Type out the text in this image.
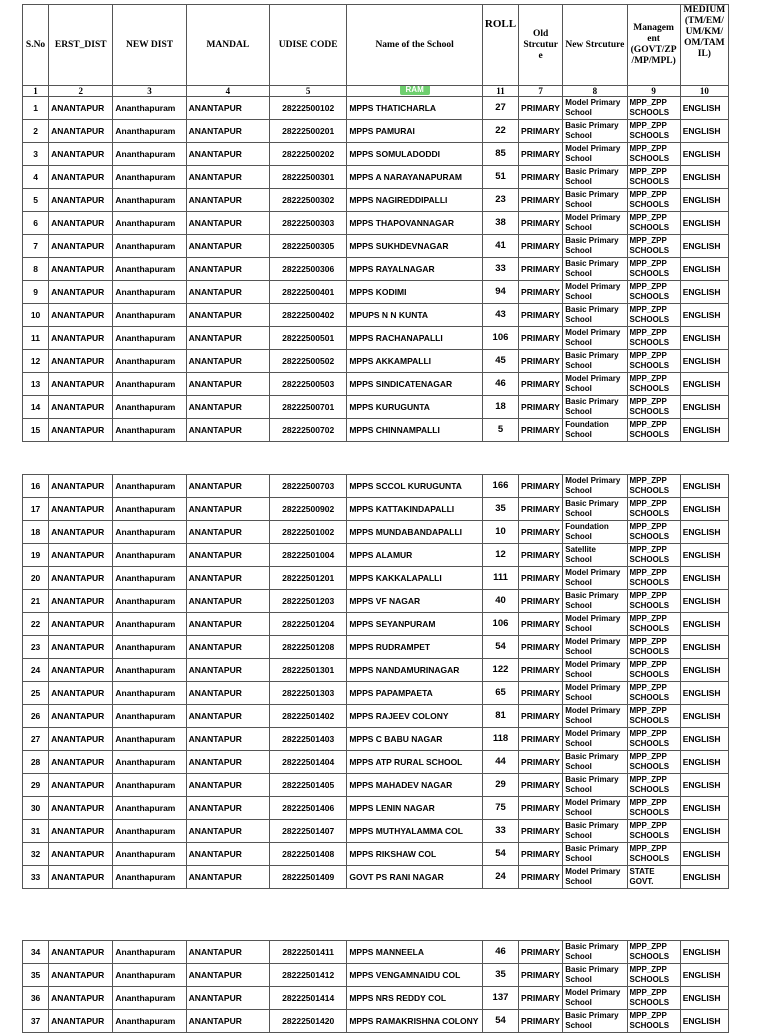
S.No	ERST_DIST	NEW DIST	MANDAL	UDISE CODE	Name of the School	ROLL	Old Strcutur e	New Strcuture	Managem ent (GOVT/ZP /MP/MPL)	MEDIUM (TM/EM/ UM/KM/ OM/TAM IL)
1	2	3	4	5	RAM	11	7	8	9	10
1	ANANTAPUR	Ananthapuram	ANANTAPUR	28222500102	MPPS THATICHARLA	27	PRIMARY	Model Primary School	MPP_ZPP SCHOOLS	ENGLISH
2	ANANTAPUR	Ananthapuram	ANANTAPUR	28222500201	MPPS PAMURAI	22	PRIMARY	Basic Primary School	MPP_ZPP SCHOOLS	ENGLISH
3	ANANTAPUR	Ananthapuram	ANANTAPUR	28222500202	MPPS SOMULADODDI	85	PRIMARY	Model Primary School	MPP_ZPP SCHOOLS	ENGLISH
4	ANANTAPUR	Ananthapuram	ANANTAPUR	28222500301	MPPS A NARAYANAPURAM	51	PRIMARY	Basic Primary School	MPP_ZPP SCHOOLS	ENGLISH
5	ANANTAPUR	Ananthapuram	ANANTAPUR	28222500302	MPPS NAGIREDDIPALLI	23	PRIMARY	Basic Primary School	MPP_ZPP SCHOOLS	ENGLISH
6	ANANTAPUR	Ananthapuram	ANANTAPUR	28222500303	MPPS THAPOVANNAGAR	38	PRIMARY	Model Primary School	MPP_ZPP SCHOOLS	ENGLISH
7	ANANTAPUR	Ananthapuram	ANANTAPUR	28222500305	MPPS SUKHDEVNAGAR	41	PRIMARY	Basic Primary School	MPP_ZPP SCHOOLS	ENGLISH
8	ANANTAPUR	Ananthapuram	ANANTAPUR	28222500306	MPPS RAYALNAGAR	33	PRIMARY	Basic Primary School	MPP_ZPP SCHOOLS	ENGLISH
9	ANANTAPUR	Ananthapuram	ANANTAPUR	28222500401	MPPS KODIMI	94	PRIMARY	Model Primary School	MPP_ZPP SCHOOLS	ENGLISH
10	ANANTAPUR	Ananthapuram	ANANTAPUR	28222500402	MPUPS N N KUNTA	43	PRIMARY	Basic Primary School	MPP_ZPP SCHOOLS	ENGLISH
11	ANANTAPUR	Ananthapuram	ANANTAPUR	28222500501	MPPS RACHANAPALLI	106	PRIMARY	Model Primary School	MPP_ZPP SCHOOLS	ENGLISH
12	ANANTAPUR	Ananthapuram	ANANTAPUR	28222500502	MPPS AKKAMPALLI	45	PRIMARY	Basic Primary School	MPP_ZPP SCHOOLS	ENGLISH
13	ANANTAPUR	Ananthapuram	ANANTAPUR	28222500503	MPPS SINDICATENAGAR	46	PRIMARY	Model Primary School	MPP_ZPP SCHOOLS	ENGLISH
14	ANANTAPUR	Ananthapuram	ANANTAPUR	28222500701	MPPS KURUGUNTA	18	PRIMARY	Basic Primary School	MPP_ZPP SCHOOLS	ENGLISH
15	ANANTAPUR	Ananthapuram	ANANTAPUR	28222500702	MPPS CHINNAMPALLI	5	PRIMARY	Foundation School	MPP_ZPP SCHOOLS	ENGLISH
16	ANANTAPUR	Ananthapuram	ANANTAPUR	28222500703	MPPS SCCOL KURUGUNTA	166	PRIMARY	Model Primary School	MPP_ZPP SCHOOLS	ENGLISH
17	ANANTAPUR	Ananthapuram	ANANTAPUR	28222500902	MPPS KATTAKINDAPALLI	35	PRIMARY	Basic Primary School	MPP_ZPP SCHOOLS	ENGLISH
18	ANANTAPUR	Ananthapuram	ANANTAPUR	28222501002	MPPS MUNDABANDAPALLI	10	PRIMARY	Foundation School	MPP_ZPP SCHOOLS	ENGLISH
19	ANANTAPUR	Ananthapuram	ANANTAPUR	28222501004	MPPS ALAMUR	12	PRIMARY	Satellite School	MPP_ZPP SCHOOLS	ENGLISH
20	ANANTAPUR	Ananthapuram	ANANTAPUR	28222501201	MPPS KAKKALAPALLI	111	PRIMARY	Model Primary School	MPP_ZPP SCHOOLS	ENGLISH
21	ANANTAPUR	Ananthapuram	ANANTAPUR	28222501203	MPPS VF NAGAR	40	PRIMARY	Basic Primary School	MPP_ZPP SCHOOLS	ENGLISH
22	ANANTAPUR	Ananthapuram	ANANTAPUR	28222501204	MPPS SEYANPURAM	106	PRIMARY	Model Primary School	MPP_ZPP SCHOOLS	ENGLISH
23	ANANTAPUR	Ananthapuram	ANANTAPUR	28222501208	MPPS RUDRAMPET	54	PRIMARY	Model Primary School	MPP_ZPP SCHOOLS	ENGLISH
24	ANANTAPUR	Ananthapuram	ANANTAPUR	28222501301	MPPS NANDAMURINAGAR	122	PRIMARY	Model Primary School	MPP_ZPP SCHOOLS	ENGLISH
25	ANANTAPUR	Ananthapuram	ANANTAPUR	28222501303	MPPS PAPAMPAETA	65	PRIMARY	Model Primary School	MPP_ZPP SCHOOLS	ENGLISH
26	ANANTAPUR	Ananthapuram	ANANTAPUR	28222501402	MPPS RAJEEV COLONY	81	PRIMARY	Model Primary School	MPP_ZPP SCHOOLS	ENGLISH
27	ANANTAPUR	Ananthapuram	ANANTAPUR	28222501403	MPPS C BABU NAGAR	118	PRIMARY	Model Primary School	MPP_ZPP SCHOOLS	ENGLISH
28	ANANTAPUR	Ananthapuram	ANANTAPUR	28222501404	MPPS ATP RURAL SCHOOL	44	PRIMARY	Basic Primary School	MPP_ZPP SCHOOLS	ENGLISH
29	ANANTAPUR	Ananthapuram	ANANTAPUR	28222501405	MPPS MAHADEV NAGAR	29	PRIMARY	Basic Primary School	MPP_ZPP SCHOOLS	ENGLISH
30	ANANTAPUR	Ananthapuram	ANANTAPUR	28222501406	MPPS LENIN NAGAR	75	PRIMARY	Model Primary School	MPP_ZPP SCHOOLS	ENGLISH
31	ANANTAPUR	Ananthapuram	ANANTAPUR	28222501407	MPPS MUTHYALAMMA COL	33	PRIMARY	Basic Primary School	MPP_ZPP SCHOOLS	ENGLISH
32	ANANTAPUR	Ananthapuram	ANANTAPUR	28222501408	MPPS RIKSHAW COL	54	PRIMARY	Basic Primary School	MPP_ZPP SCHOOLS	ENGLISH
33	ANANTAPUR	Ananthapuram	ANANTAPUR	28222501409	GOVT PS RANI NAGAR	24	PRIMARY	Model Primary School	STATE GOVT.	ENGLISH
34	ANANTAPUR	Ananthapuram	ANANTAPUR	28222501411	MPPS MANNEELA	46	PRIMARY	Basic Primary School	MPP_ZPP SCHOOLS	ENGLISH
35	ANANTAPUR	Ananthapuram	ANANTAPUR	28222501412	MPPS VENGAMNAIDU COL	35	PRIMARY	Basic Primary School	MPP_ZPP SCHOOLS	ENGLISH
36	ANANTAPUR	Ananthapuram	ANANTAPUR	28222501414	MPPS NRS REDDY COL	137	PRIMARY	Model Primary School	MPP_ZPP SCHOOLS	ENGLISH
37	ANANTAPUR	Ananthapuram	ANANTAPUR	28222501420	MPPS RAMAKRISHNA COLONY	54	PRIMARY	Basic Primary School	MPP_ZPP SCHOOLS	ENGLISH
